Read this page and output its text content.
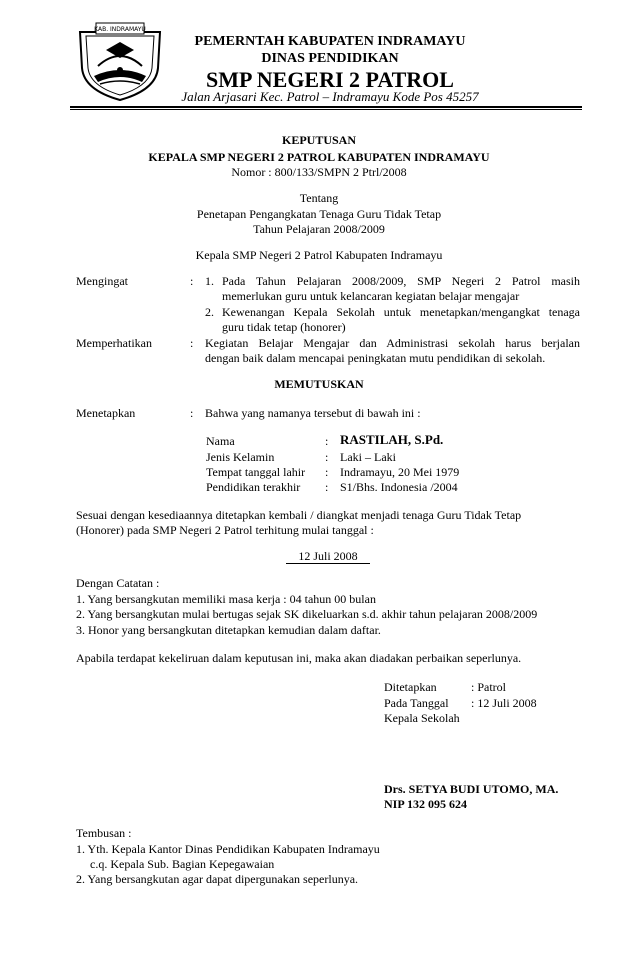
KAB. INDRAMAYU
PEMERNTAH KABUPATEN INDRAMAYU
DINAS PENDIDIKAN
SMP NEGERI 2 PATROL
Jalan Arjasari Kec. Patrol – Indramayu Kode Pos 45257
KEPUTUSAN
KEPALA SMP NEGERI 2 PATROL KABUPATEN INDRAMAYU
Nomor : 800/133/SMPN 2 Ptrl/2008
Tentang
Penetapan Pengangkatan Tenaga Guru Tidak Tetap
Tahun Pelajaran 2008/2009
Kepala SMP Negeri 2 Patrol Kabupaten Indramayu
Mengingat	: 1. Pada Tahun Pelajaran 2008/2009, SMP Negeri 2 Patrol masih
memerlukan guru untuk kelancaran kegiatan belajar mengajar
2. Kewenangan Kepala Sekolah untuk menetapkan/mengangkat tenaga
guru tidak tetap (honorer)
Memperhatikan	: Kegiatan Belajar Mengajar dan Administrasi sekolah harus berjalan
dengan baik dalam mencapai peningkatan mutu pendidikan di sekolah.
MEMUTUSKAN
Menetapkan	: Bahwa yang namanya tersebut di bawah ini :
Nama	: RASTILAH, S.Pd.
Jenis Kelamin	: Laki – Laki
Tempat tanggal lahir : Indramayu, 20 Mei 1979
Pendidikan terakhir : S1/Bhs. Indonesia /2004
Sesuai dengan kesediaannya ditetapkan kembali / diangkat menjadi tenaga Guru Tidak Tetap
(Honorer) pada SMP Negeri 2 Patrol terhitung mulai tanggal :
12 Juli 2008
Dengan Catatan :
1. Yang bersangkutan memiliki masa kerja : 04 tahun 00 bulan
2. Yang bersangkutan mulai bertugas sejak SK dikeluarkan s.d. akhir tahun pelajaran 2008/2009
3. Honor yang bersangkutan ditetapkan kemudian dalam daftar.
Apabila terdapat kekeliruan dalam keputusan ini, maka akan diadakan perbaikan seperlunya.
Ditetapkan	: Patrol
Pada Tanggal : 12 Juli 2008
Kepala Sekolah
Drs. SETYA BUDI UTOMO, MA.
NIP 132 095 624
Tembusan :
1. Yth. Kepala Kantor Dinas Pendidikan Kabupaten Indramayu
c.q. Kepala Sub. Bagian Kepegawaian
2. Yang bersangkutan agar dapat dipergunakan seperlunya.
